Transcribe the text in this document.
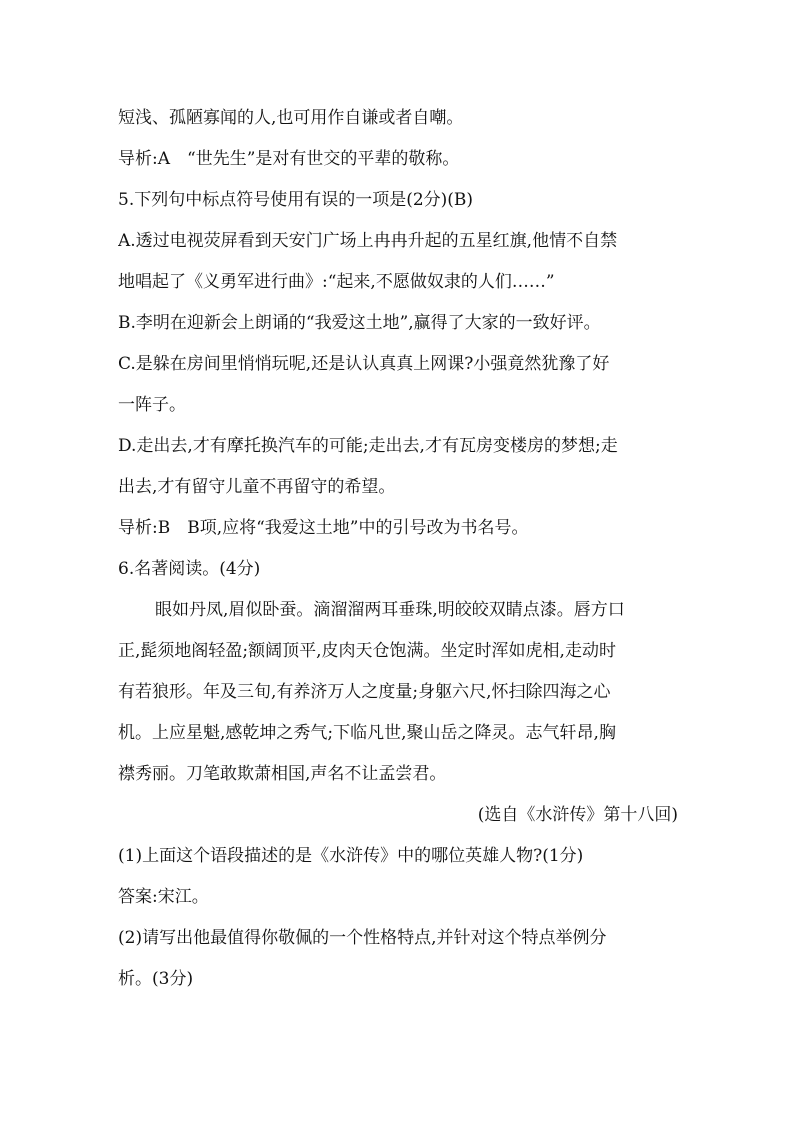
短浅、孤陋寡闻的人,也可用作自谦或者自嘲。
导析:A　“世先生”是对有世交的平辈的敬称。
5.下列句中标点符号使用有误的一项是(2分)(B)
A.透过电视荧屏看到天安门广场上冉冉升起的五星红旗,他情不自禁
地唱起了《义勇军进行曲》:“起来,不愿做奴隶的人们……”
B.李明在迎新会上朗诵的“我爱这土地”,赢得了大家的一致好评。
C.是躲在房间里悄悄玩呢,还是认认真真上网课?小强竟然犹豫了好
一阵子。
D.走出去,才有摩托换汽车的可能;走出去,才有瓦房变楼房的梦想;走
出去,才有留守儿童不再留守的希望。
导析:B　B项,应将“我爱这土地”中的引号改为书名号。
6.名著阅读。(4分)
眼如丹凤,眉似卧蚕。滴溜溜两耳垂珠,明皎皎双睛点漆。唇方口
正,髭须地阁轻盈;额阔顶平,皮肉天仓饱满。坐定时浑如虎相,走动时
有若狼形。年及三旬,有养济万人之度量;身躯六尺,怀扫除四海之心
机。上应星魁,感乾坤之秀气;下临凡世,聚山岳之降灵。志气轩昂,胸
襟秀丽。刀笔敢欺萧相国,声名不让孟尝君。
(选自《水浒传》第十八回)
(1)上面这个语段描述的是《水浒传》中的哪位英雄人物?(1分)
答案:宋江。
(2)请写出他最值得你敬佩的一个性格特点,并针对这个特点举例分
析。(3分)
